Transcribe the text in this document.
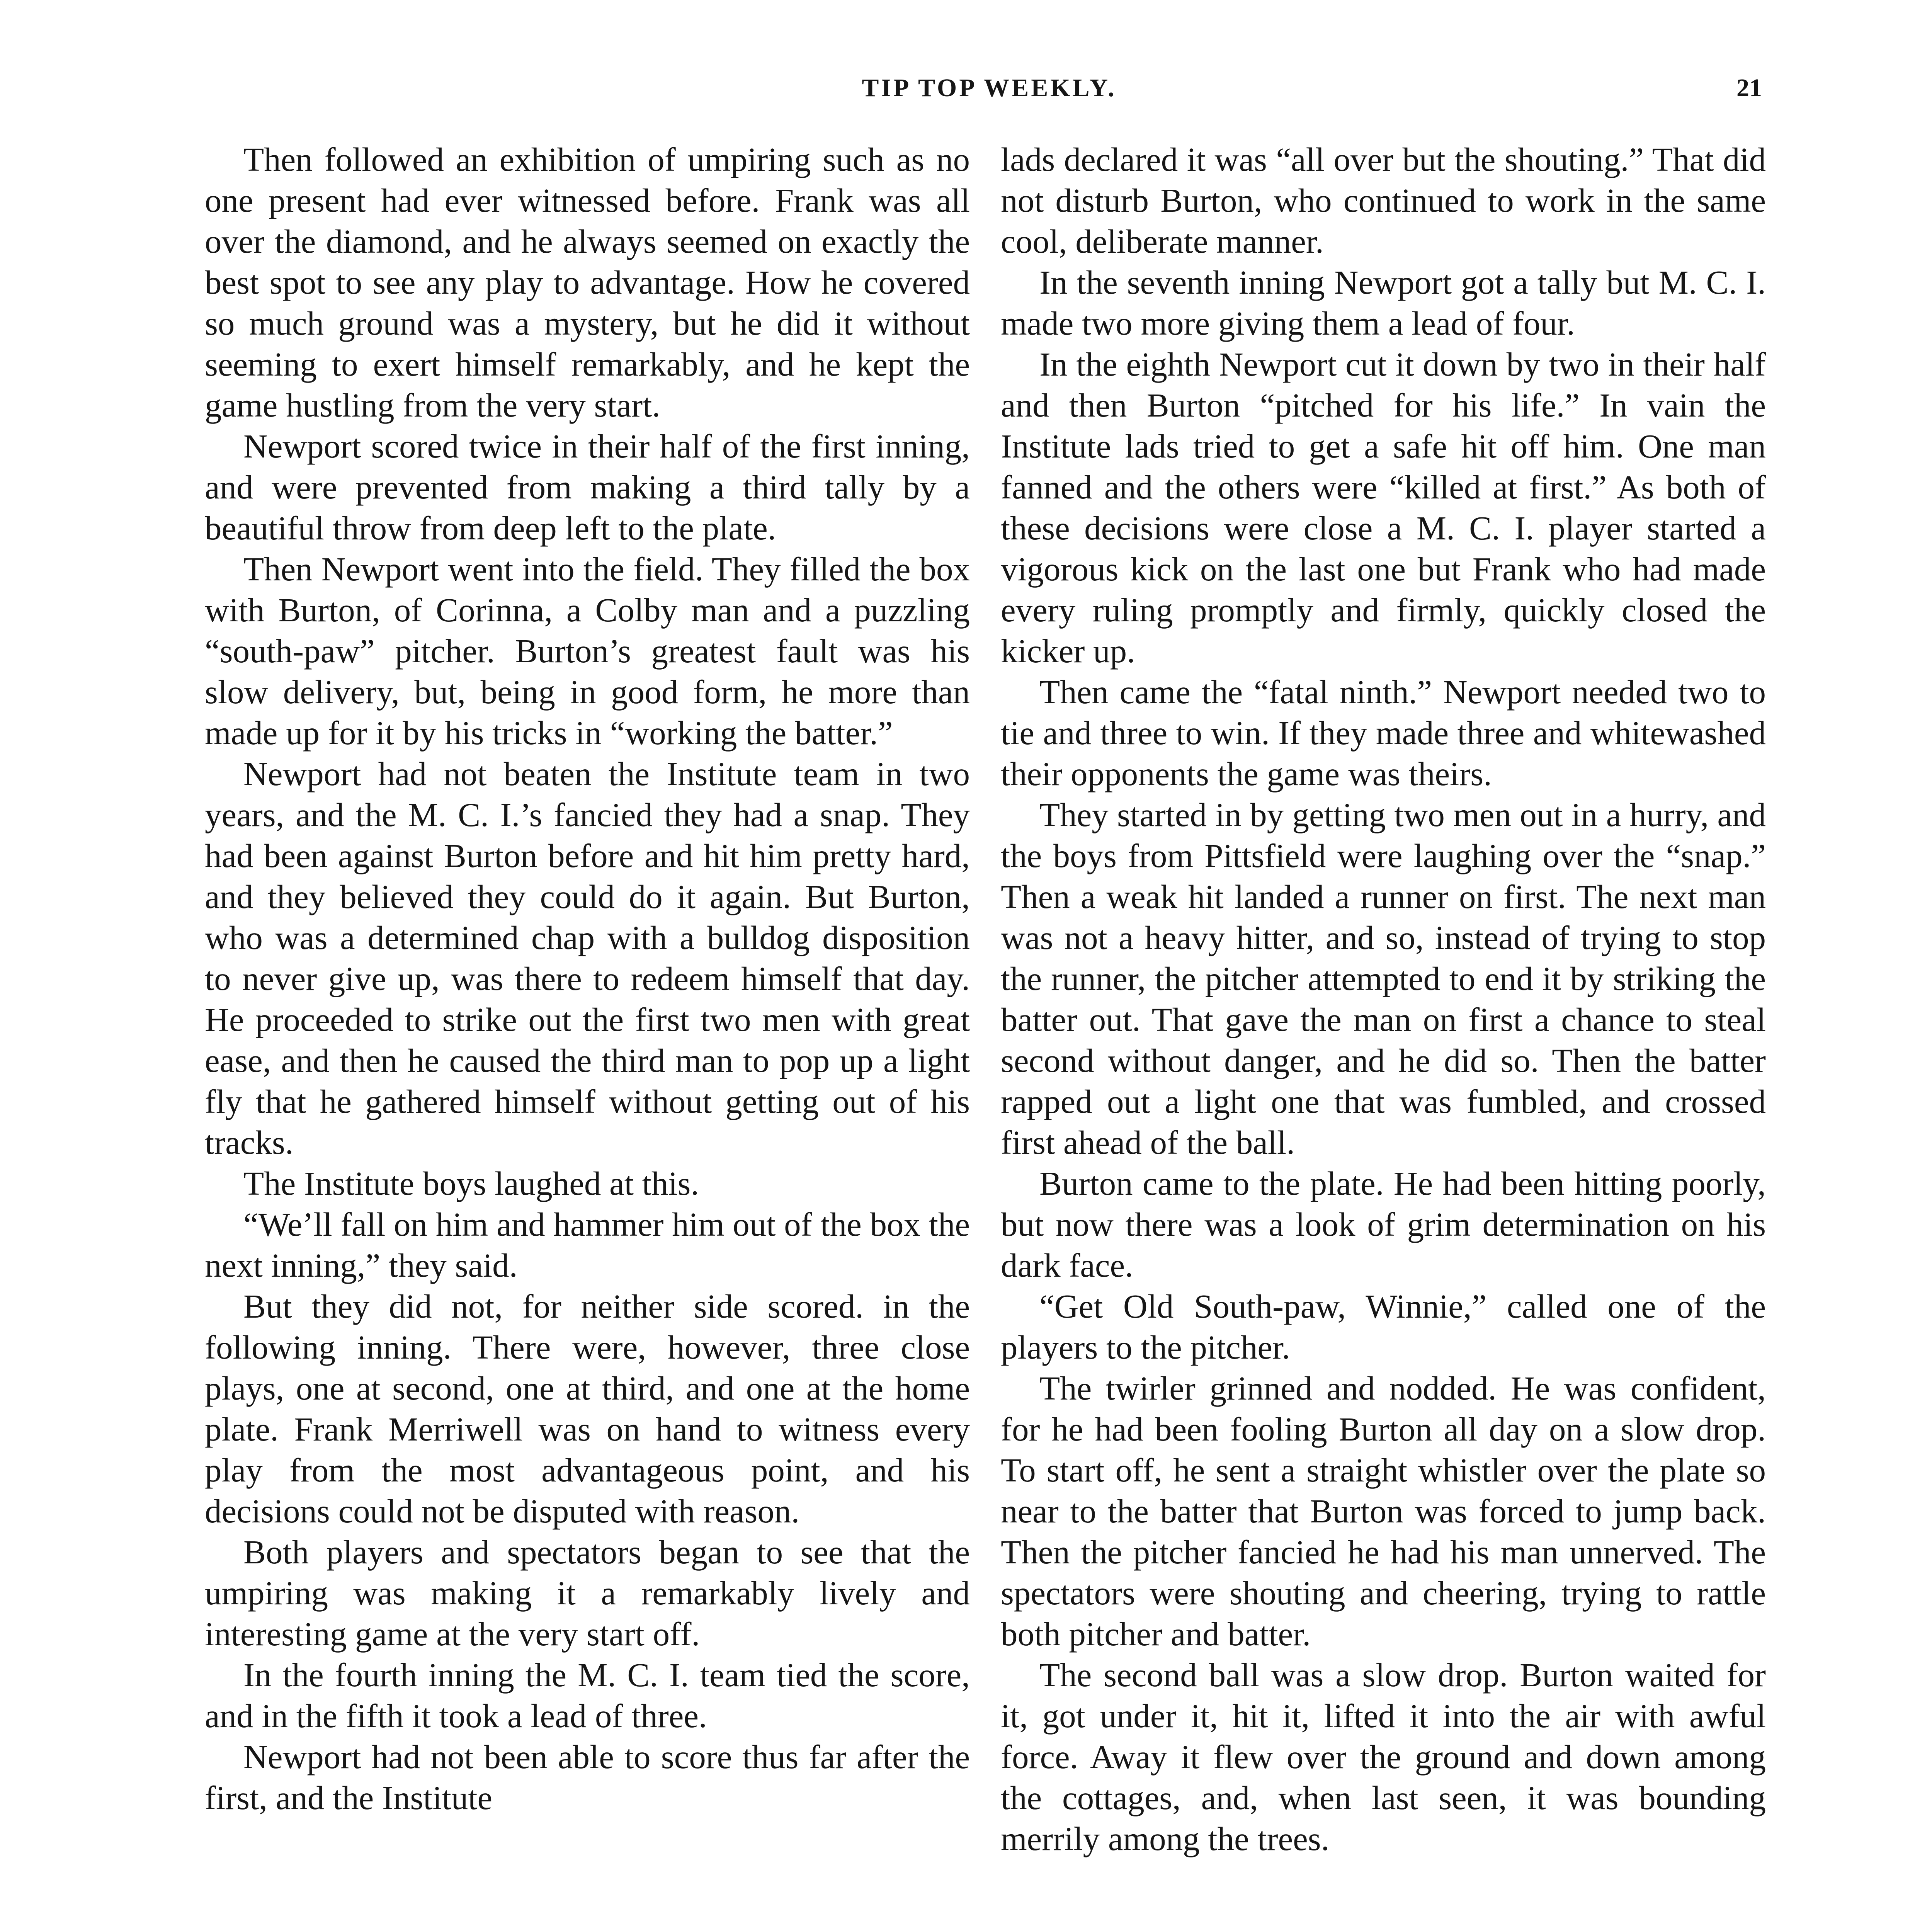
TIP TOP WEEKLY.	21

Then followed an exhibition of umpiring such as no one present had ever witnessed before. Frank was all over the diamond, and he always seemed on exactly the best spot to see any play to advantage. How he covered so much ground was a mystery, but he did it without seeming to exert himself remarkably, and he kept the game hustling from the very start.

Newport scored twice in their half of the first inning, and were prevented from making a third tally by a beautiful throw from deep left to the plate.

Then Newport went into the field. They filled the box with Burton, of Corinna, a Colby man and a puzzling “south-paw” pitcher. Burton’s greatest fault was his slow delivery, but, being in good form, he more than made up for it by his tricks in “working the batter.”

Newport had not beaten the Institute team in two years, and the M. C. I.’s fancied they had a snap. They had been against Burton before and hit him pretty hard, and they believed they could do it again. But Burton, who was a determined chap with a bulldog disposition to never give up, was there to redeem himself that day. He proceeded to strike out the first two men with great ease, and then he caused the third man to pop up a light fly that he gathered himself without getting out of his tracks.

The Institute boys laughed at this.

“We’ll fall on him and hammer him out of the box the next inning,” they said.

But they did not, for neither side scored. in the following inning. There were, however, three close plays, one at second, one at third, and one at the home plate. Frank Merriwell was on hand to witness every play from the most advantageous point, and his decisions could not be disputed with reason.

Both players and spectators began to see that the umpiring was making it a remarkably lively and interesting game at the very start off.

In the fourth inning the M. C. I. team tied the score, and in the fifth it took a lead of three.

Newport had not been able to score thus far after the first, and the Institute

lads declared it was “all over but the shouting.” That did not disturb Burton, who continued to work in the same cool, deliberate manner.

In the seventh inning Newport got a tally but M. C. I. made two more giving them a lead of four.

In the eighth Newport cut it down by two in their half and then Burton “pitched for his life.” In vain the Institute lads tried to get a safe hit off him. One man fanned and the others were “killed at first.” As both of these decisions were close a M. C. I. player started a vigorous kick on the last one but Frank who had made every ruling promptly and firmly, quickly closed the kicker up.

Then came the “fatal ninth.” Newport needed two to tie and three to win. If they made three and whitewashed their opponents the game was theirs.

They started in by getting two men out in a hurry, and the boys from Pittsfield were laughing over the “snap.” Then a weak hit landed a runner on first. The next man was not a heavy hitter, and so, instead of trying to stop the runner, the pitcher attempted to end it by striking the batter out. That gave the man on first a chance to steal second without danger, and he did so. Then the batter rapped out a light one that was fumbled, and crossed first ahead of the ball.

Burton came to the plate. He had been hitting poorly, but now there was a look of grim determination on his dark face.

“Get Old South-paw, Winnie,” called one of the players to the pitcher.

The twirler grinned and nodded. He was confident, for he had been fooling Burton all day on a slow drop. To start off, he sent a straight whistler over the plate so near to the batter that Burton was forced to jump back. Then the pitcher fancied he had his man unnerved. The spectators were shouting and cheering, trying to rattle both pitcher and batter.

The second ball was a slow drop. Burton waited for it, got under it, hit it, lifted it into the air with awful force. Away it flew over the ground and down among the cottages, and, when last seen, it was bounding merrily among the trees.
